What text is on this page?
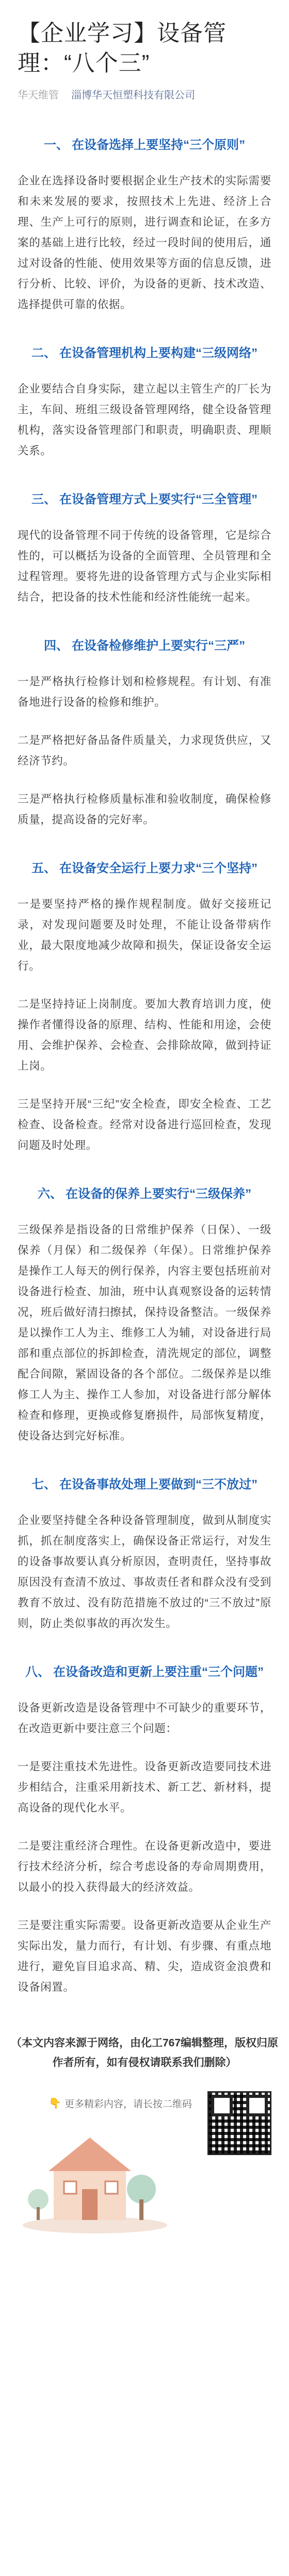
【企业学习】设备管理：“八个三”
华天维管 淄博华天恒塑科技有限公司
一、 在设备选择上要坚持“三个原则”

企业在选择设备时要根据企业生产技术的实际需要和未来发展的要求，按照技术上先进、经济上合理、生产上可行的原则，进行调查和论证，在多方案的基础上进行比较，经过一段时间的使用后，通过对设备的性能、使用效果等方面的信息反馈，进行分析、比较、评价，为设备的更新、技术改造、选择提供可靠的依据。

二、 在设备管理机构上要构建“三级网络”

企业要结合自身实际，建立起以主管生产的厂长为主，车间、班组三级设备管理网络，健全设备管理机构，落实设备管理部门和职责，明确职责、理顺关系。

三、 在设备管理方式上要实行“三全管理”

现代的设备管理不同于传统的设备管理，它是综合性的，可以概括为设备的全面管理、全员管理和全过程管理。要将先进的设备管理方式与企业实际相结合，把设备的技术性能和经济性能统一起来。

四、 在设备检修维护上要实行“三严”

一是严格执行检修计划和检修规程。有计划、有准备地进行设备的检修和维护。

二是严格把好备品备件质量关，力求现货供应，又经济节约。

三是严格执行检修质量标准和验收制度，确保检修质量，提高设备的完好率。

五、 在设备安全运行上要力求“三个坚持”

一是要坚持严格的操作规程制度。做好交接班记录，对发现问题要及时处理，不能让设备带病作业，最大限度地减少故障和损失，保证设备安全运行。

二是坚持持证上岗制度。要加大教育培训力度，使操作者懂得设备的原理、结构、性能和用途，会使用、会维护保养、会检查、会排除故障，做到持证上岗。

三是坚持开展“三纪”安全检查，即安全检查、工艺检查、设备检查。经常对设备进行巡回检查，发现问题及时处理。

六、 在设备的保养上要实行“三级保养”

三级保养是指设备的日常维护保养（日保）、一级保养（月保）和二级保养（年保）。日常维护保养是操作工人每天的例行保养，内容主要包括班前对设备进行检查、加油，班中认真观察设备的运转情况，班后做好清扫擦拭，保持设备整洁。一级保养是以操作工人为主、维修工人为辅，对设备进行局部和重点部位的拆卸检查，清洗规定的部位，调整配合间隙，紧固设备的各个部位。二级保养是以维修工人为主、操作工人参加，对设备进行部分解体检查和修理，更换或修复磨损件，局部恢复精度，使设备达到完好标准。

七、 在设备事故处理上要做到“三不放过”

企业要坚持健全各种设备管理制度，做到从制度实抓，抓在制度落实上，确保设备正常运行，对发生的设备事故要认真分析原因，查明责任，坚持事故原因没有查清不放过、事故责任者和群众没有受到教育不放过、没有防范措施不放过的“三不放过”原则，防止类似事故的再次发生。

八、 在设备改造和更新上要注重“三个问题”

设备更新改造是设备管理中不可缺少的重要环节，在改造更新中要注意三个问题：

一是要注重技术先进性。设备更新改造要同技术进步相结合，注重采用新技术、新工艺、新材料，提高设备的现代化水平。

二是要注重经济合理性。在设备更新改造中，要进行技术经济分析，综合考虑设备的寿命周期费用，以最小的投入获得最大的经济效益。

三是要注重实际需要。设备更新改造要从企业生产实际出发，量力而行，有计划、有步骤、有重点地进行，避免盲目追求高、精、尖，造成资金浪费和设备闲置。

（本文内容来源于网络，由化工767编辑整理，版权归原作者所有，如有侵权请联系我们删除）
👇 更多精彩内容，请长按二维码
